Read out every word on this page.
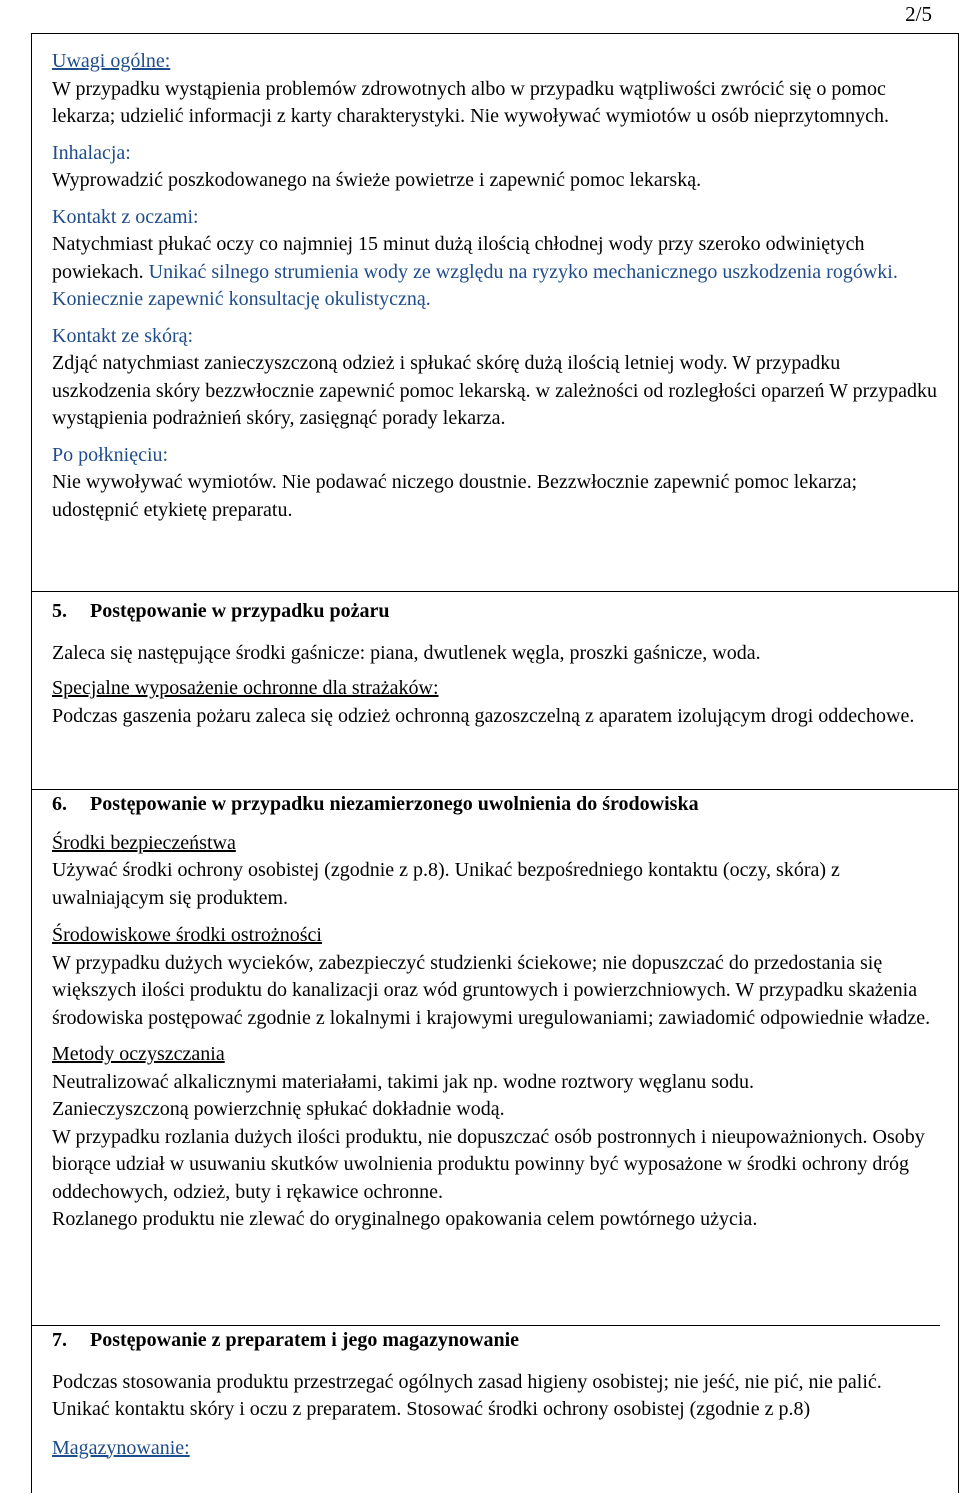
2/5

Uwagi ogólne:

W przypadku wystąpienia problemów zdrowotnych albo w przypadku wątpliwości zwrócić się o pomoc lekarza; udzielić informacji z karty charakterystyki. Nie wywoływać wymiotów u osób nieprzytomnych.

Inhalacja:

Wyprowadzić poszkodowanego na świeże powietrze i zapewnić pomoc lekarską.

Kontakt z oczami:

Natychmiast płukać oczy co najmniej 15 minut dużą ilością chłodnej wody przy szeroko odwiniętych powiekach. Unikać silnego strumienia wody ze względu na ryzyko mechanicznego uszkodzenia rogówki. Koniecznie zapewnić konsultację okulistyczną.

Kontakt ze skórą:

Zdjąć natychmiast zanieczyszczoną odzież i spłukać skórę dużą ilością letniej wody. W przypadku uszkodzenia skóry bezzwłocznie zapewnić pomoc lekarską. w zależności od rozległości oparzeń W przypadku wystąpienia podrażnień skóry, zasięgnąć porady lekarza.

Po połknięciu:

Nie wywoływać wymiotów. Nie podawać niczego doustnie. Bezzwłocznie zapewnić pomoc lekarza; udostępnić etykietę preparatu.

5. Postępowanie w przypadku pożaru

Zaleca się następujące środki gaśnicze: piana, dwutlenek węgla, proszki gaśnicze, woda.

Specjalne wyposażenie ochronne dla strażaków:

Podczas gaszenia pożaru zaleca się odzież ochronną gazoszczelną z aparatem izolującym drogi oddechowe.

6. Postępowanie w przypadku niezamierzonego uwolnienia do środowiska

Środki bezpieczeństwa

Używać środki ochrony osobistej (zgodnie z p.8). Unikać bezpośredniego kontaktu (oczy, skóra) z uwalniającym się produktem.

Środowiskowe środki ostrożności

W przypadku dużych wycieków, zabezpieczyć studzienki ściekowe; nie dopuszczać do przedostania się większych ilości produktu do kanalizacji oraz wód gruntowych i powierzchniowych. W przypadku skażenia środowiska postępować zgodnie z lokalnymi i krajowymi uregulowaniami; zawiadomić odpowiednie władze.

Metody oczyszczania

Neutralizować alkalicznymi materiałami, takimi jak np. wodne roztwory węglanu sodu.

Zanieczyszczoną powierzchnię spłukać dokładnie wodą.

W przypadku rozlania dużych ilości produktu, nie dopuszczać osób postronnych i nieupoważnionych. Osoby biorące udział w usuwaniu skutków uwolnienia produktu powinny być wyposażone w środki ochrony dróg oddechowych, odzież, buty i rękawice ochronne.

Rozlanego produktu nie zlewać do oryginalnego opakowania celem powtórnego użycia.

7. Postępowanie z preparatem i jego magazynowanie

Podczas stosowania produktu przestrzegać ogólnych zasad higieny osobistej; nie jeść, nie pić, nie palić. Unikać kontaktu skóry i oczu z preparatem. Stosować środki ochrony osobistej (zgodnie z p.8)

Magazynowanie:
